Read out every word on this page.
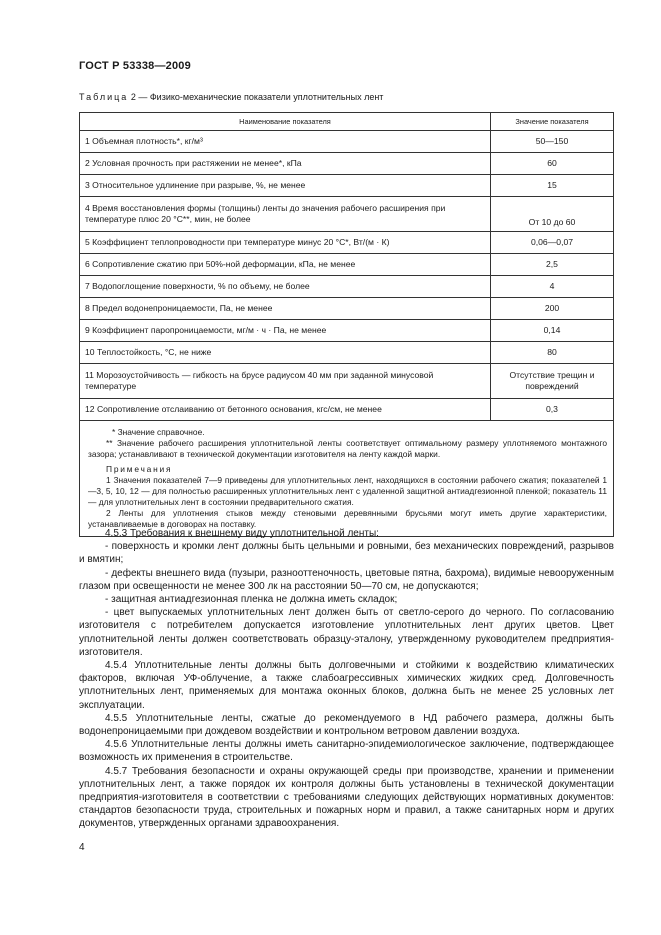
ГОСТ Р 53338—2009
Таблица 2 — Физико-механические показатели уплотнительных лент
Наименование показателя	Значение показателя
1 Объемная плотность*, кг/м³	50—150
2 Условная прочность при растяжении не менее*, кПа	60
3 Относительное удлинение при разрыве, %, не менее	15
4 Время восстановления формы (толщины) ленты до значения рабочего расширения при температуре плюс 20 °С**, мин, не более	От 10 до 60
5 Коэффициент теплопроводности при температуре минус 20 °С*, Вт/(м · К)	0,06—0,07
6 Сопротивление сжатию при 50%-ной деформации, кПа, не менее	2,5
7 Водопоглощение поверхности, % по объему, не более	4
8 Предел водонепроницаемости, Па, не менее	200
9 Коэффициент паропроницаемости, мг/м · ч · Па, не менее	0,14
10 Теплостойкость, °С, не ниже	80
11 Морозоустойчивость — гибкость на брусе радиусом 40 мм при заданной минусовой температуре	Отсутствие трещин и повреждений
12 Сопротивление отслаиванию от бетонного основания, кгс/см, не менее	0,3

* Значение справочное.

** Значение рабочего расширения уплотнительной ленты соответствует оптимальному размеру уплотняемого монтажного зазора; устанавливают в технической документации изготовителя на ленту каждой марки.

Примечания

1 Значения показателей 7—9 приведены для уплотнительных лент, находящихся в состоянии рабочего сжатия; показателей 1—3, 5, 10, 12 — для полностью расширенных уплотнительных лент с удаленной защитной антиадгезионной пленкой; показатель 11 — для уплотнительных лент в состоянии предварительного сжатия.

2 Ленты для уплотнения стыков между стеновыми деревянными брусьями могут иметь другие характеристики, устанавливаемые в договорах на поставку.	

4.5.3 Требования к внешнему виду уплотнительной ленты:

- поверхность и кромки лент должны быть цельными и ровными, без механических повреждений, разрывов и вмятин;

- дефекты внешнего вида (пузыри, разнооттеночность, цветовые пятна, бахрома), видимые невооруженным глазом при освещенности не менее 300 лк на расстоянии 50—70 см, не допускаются;

- защитная антиадгезионная пленка не должна иметь складок;

- цвет выпускаемых уплотнительных лент должен быть от светло-серого до черного. По согласованию изготовителя с потребителем допускается изготовление уплотнительных лент других цветов. Цвет уплотнительной ленты должен соответствовать образцу-эталону, утвержденному руководителем предприятия-изготовителя.

4.5.4 Уплотнительные ленты должны быть долговечными и стойкими к воздействию климатических факторов, включая УФ-облучение, а также слабоагрессивных химических жидких сред. Долговечность уплотнительных лент, применяемых для монтажа оконных блоков, должна быть не менее 25 условных лет эксплуатации.

4.5.5 Уплотнительные ленты, сжатые до рекомендуемого в НД рабочего размера, должны быть водонепроницаемыми при дождевом воздействии и контрольном ветровом давлении воздуха.

4.5.6 Уплотнительные ленты должны иметь санитарно-эпидемиологическое заключение, подтверждающее возможность их применения в строительстве.

4.5.7 Требования безопасности и охраны окружающей среды при производстве, хранении и применении уплотнительных лент, а также порядок их контроля должны быть установлены в технической документации предприятия-изготовителя в соответствии с требованиями следующих действующих нормативных документов: стандартов безопасности труда, строительных и пожарных норм и правил, а также санитарных норм и других документов, утвержденных органами здравоохранения.

4
